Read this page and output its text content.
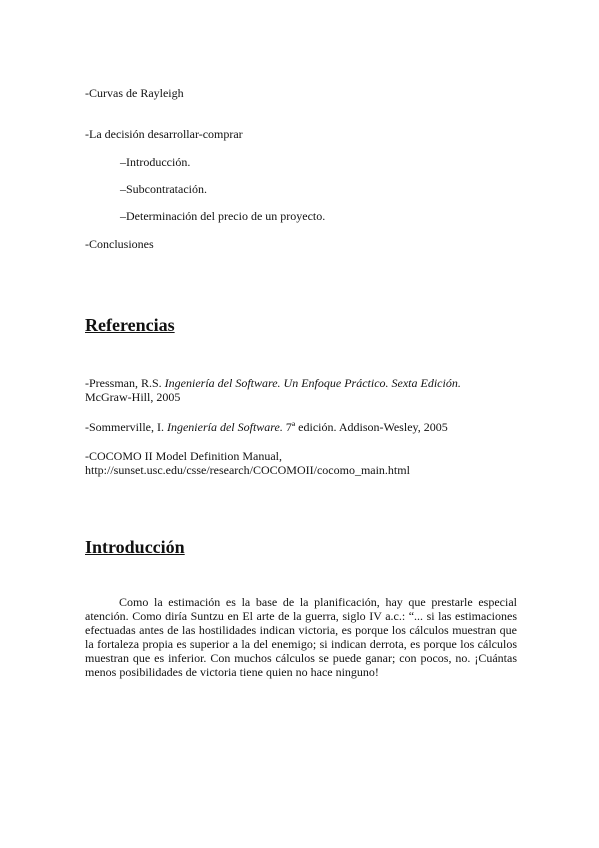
-Curvas de Rayleigh
-La decisión desarrollar-comprar
–Introducción.
–Subcontratación.
–Determinación del precio de un proyecto.
-Conclusiones
Referencias
-Pressman, R.S. Ingeniería del Software. Un Enfoque Práctico. Sexta Edición.
McGraw-Hill, 2005
-Sommerville, I. Ingeniería del Software. 7ª edición. Addison-Wesley, 2005
-COCOMO II Model Definition Manual,
http://sunset.usc.edu/csse/research/COCOMOII/cocomo_main.html
Introducción
Como la estimación es la base de la planificación, hay que prestarle especial atención. Como diría Suntzu en El arte de la guerra, siglo IV a.c.: “... si las estimaciones efectuadas antes de las hostilidades indican victoria, es porque los cálculos muestran que la fortaleza propia es superior a la del enemigo; si indican derrota, es porque los cálculos muestran que es inferior. Con muchos cálculos se puede ganar; con pocos, no. ¡Cuántas menos posibilidades de victoria tiene quien no hace ninguno!
